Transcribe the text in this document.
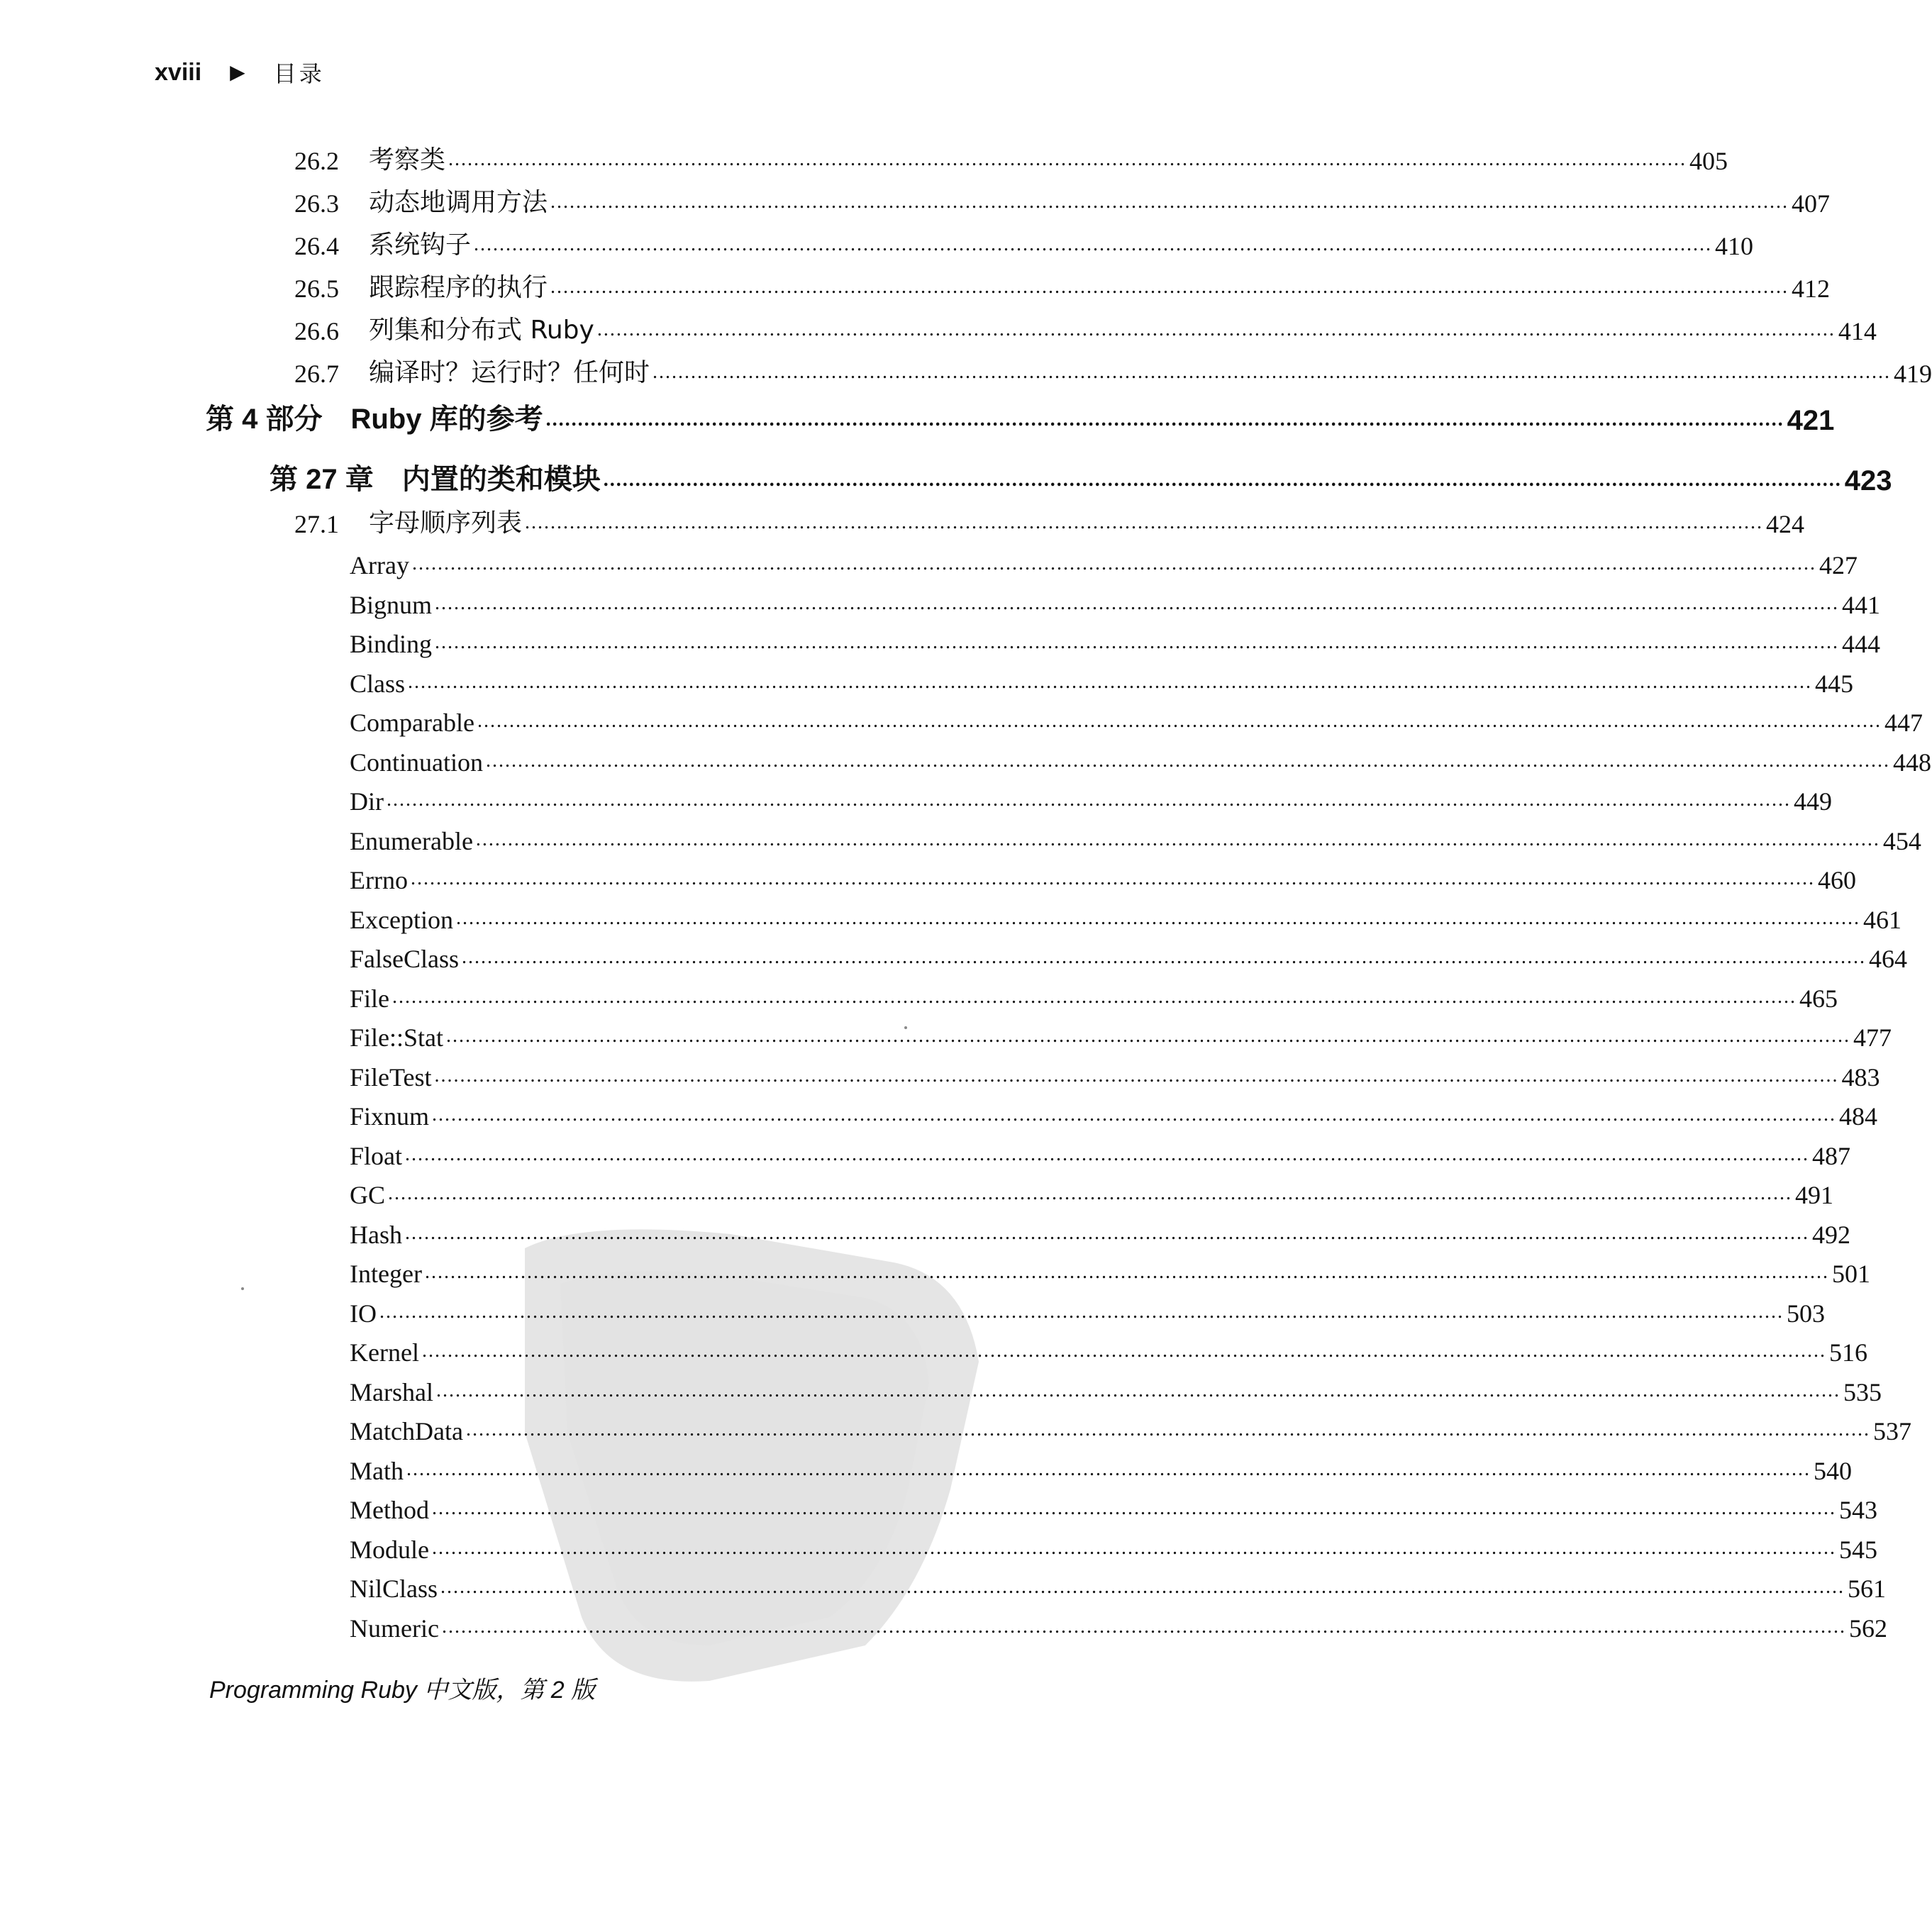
xviii ▶ 目录
26.2	考察类 .................................................................................................................................................................................................. 405
26.3	动态地调用方法 .................................................................................................................................................................................................. 407
26.4	系统钩子 .................................................................................................................................................................................................. 410
26.5	跟踪程序的执行 .................................................................................................................................................................................................. 412
26.6	列集和分布式 Ruby .................................................................................................................................................................................................. 414
26.7	编译时？运行时？任何时 .................................................................................................................................................................................................. 419
第 4 部分　Ruby 库的参考 .................................................................................................................................................................................................. 421
第 27 章　内置的类和模块 .................................................................................................................................................................................................. 423
27.1	字母顺序列表 .................................................................................................................................................................................................. 424
Array ............................................................................................................................................................................................................................ 427
Bignum ............................................................................................................................................................................................................................ 441
Binding ............................................................................................................................................................................................................................ 444
Class ............................................................................................................................................................................................................................ 445
Comparable ............................................................................................................................................................................................................................ 447
Continuation ............................................................................................................................................................................................................................ 448
Dir ............................................................................................................................................................................................................................ 449
Enumerable ............................................................................................................................................................................................................................ 454
Errno ............................................................................................................................................................................................................................ 460
Exception ............................................................................................................................................................................................................................ 461
FalseClass ............................................................................................................................................................................................................................ 464
File ............................................................................................................................................................................................................................ 465
File::Stat ............................................................................................................................................................................................................................ 477
FileTest ............................................................................................................................................................................................................................ 483
Fixnum ............................................................................................................................................................................................................................ 484
Float ............................................................................................................................................................................................................................ 487
GC ............................................................................................................................................................................................................................ 491
Hash ............................................................................................................................................................................................................................ 492
Integer ............................................................................................................................................................................................................................ 501
IO ............................................................................................................................................................................................................................ 503
Kernel ............................................................................................................................................................................................................................ 516
Marshal ............................................................................................................................................................................................................................ 535
MatchData ............................................................................................................................................................................................................................ 537
Math ............................................................................................................................................................................................................................ 540
Method ............................................................................................................................................................................................................................ 543
Module ............................................................................................................................................................................................................................ 545
NilClass ............................................................................................................................................................................................................................ 561
Numeric ............................................................................................................................................................................................................................ 562
Programming Ruby 中文版，第 2 版
